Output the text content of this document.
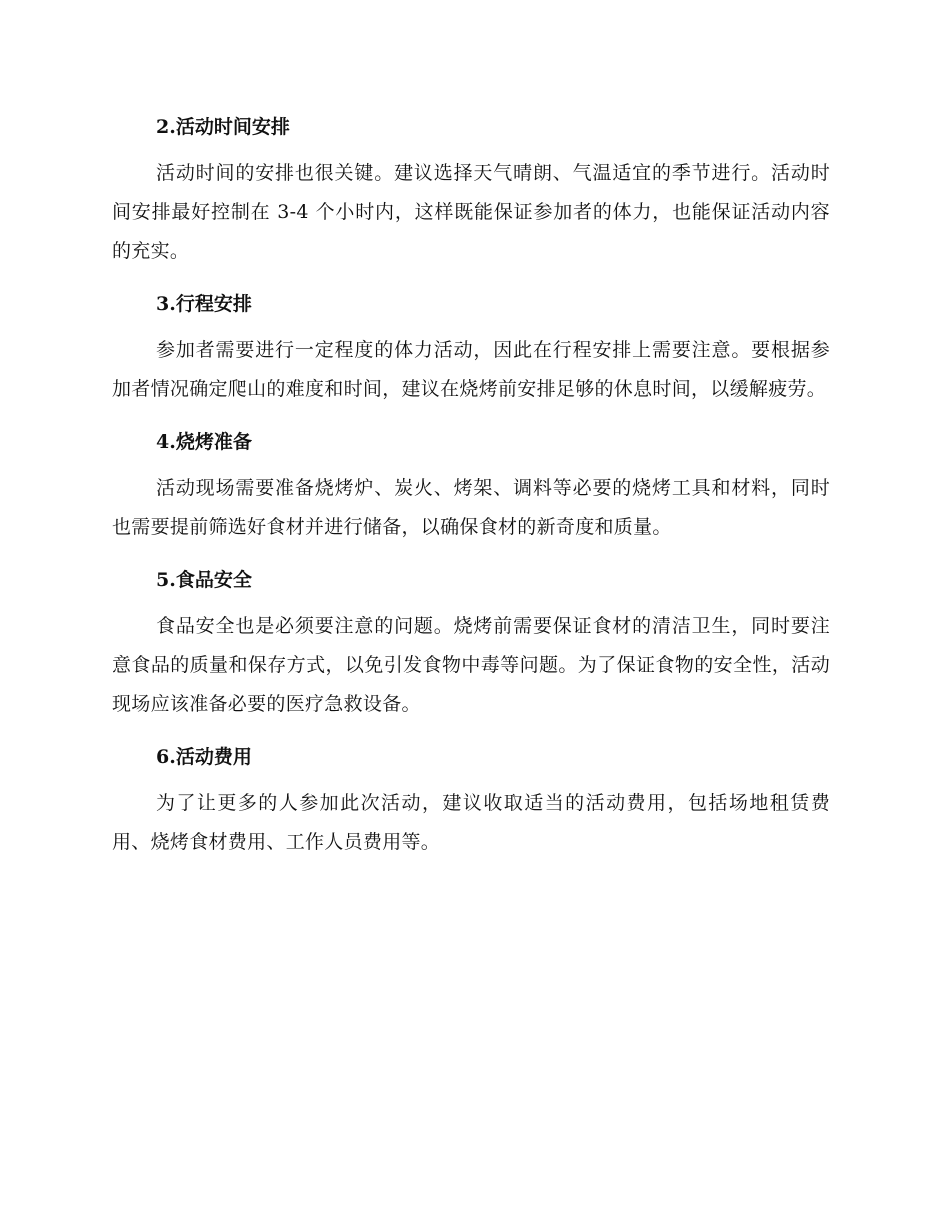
2.活动时间安排

活动时间的安排也很关键。建议选择天气晴朗、气温适宜的季节进行。活动时间安排最好控制在 3-4 个小时内，这样既能保证参加者的体力，也能保证活动内容的充实。

3.行程安排

参加者需要进行一定程度的体力活动，因此在行程安排上需要注意。要根据参加者情况确定爬山的难度和时间，建议在烧烤前安排足够的休息时间，以缓解疲劳。

4.烧烤准备

活动现场需要准备烧烤炉、炭火、烤架、调料等必要的烧烤工具和材料，同时也需要提前筛选好食材并进行储备，以确保食材的新奇度和质量。

5.食品安全

食品安全也是必须要注意的问题。烧烤前需要保证食材的清洁卫生，同时要注意食品的质量和保存方式，以免引发食物中毒等问题。为了保证食物的安全性，活动现场应该准备必要的医疗急救设备。

6.活动费用

为了让更多的人参加此次活动，建议收取适当的活动费用，包括场地租赁费用、烧烤食材费用、工作人员费用等。
